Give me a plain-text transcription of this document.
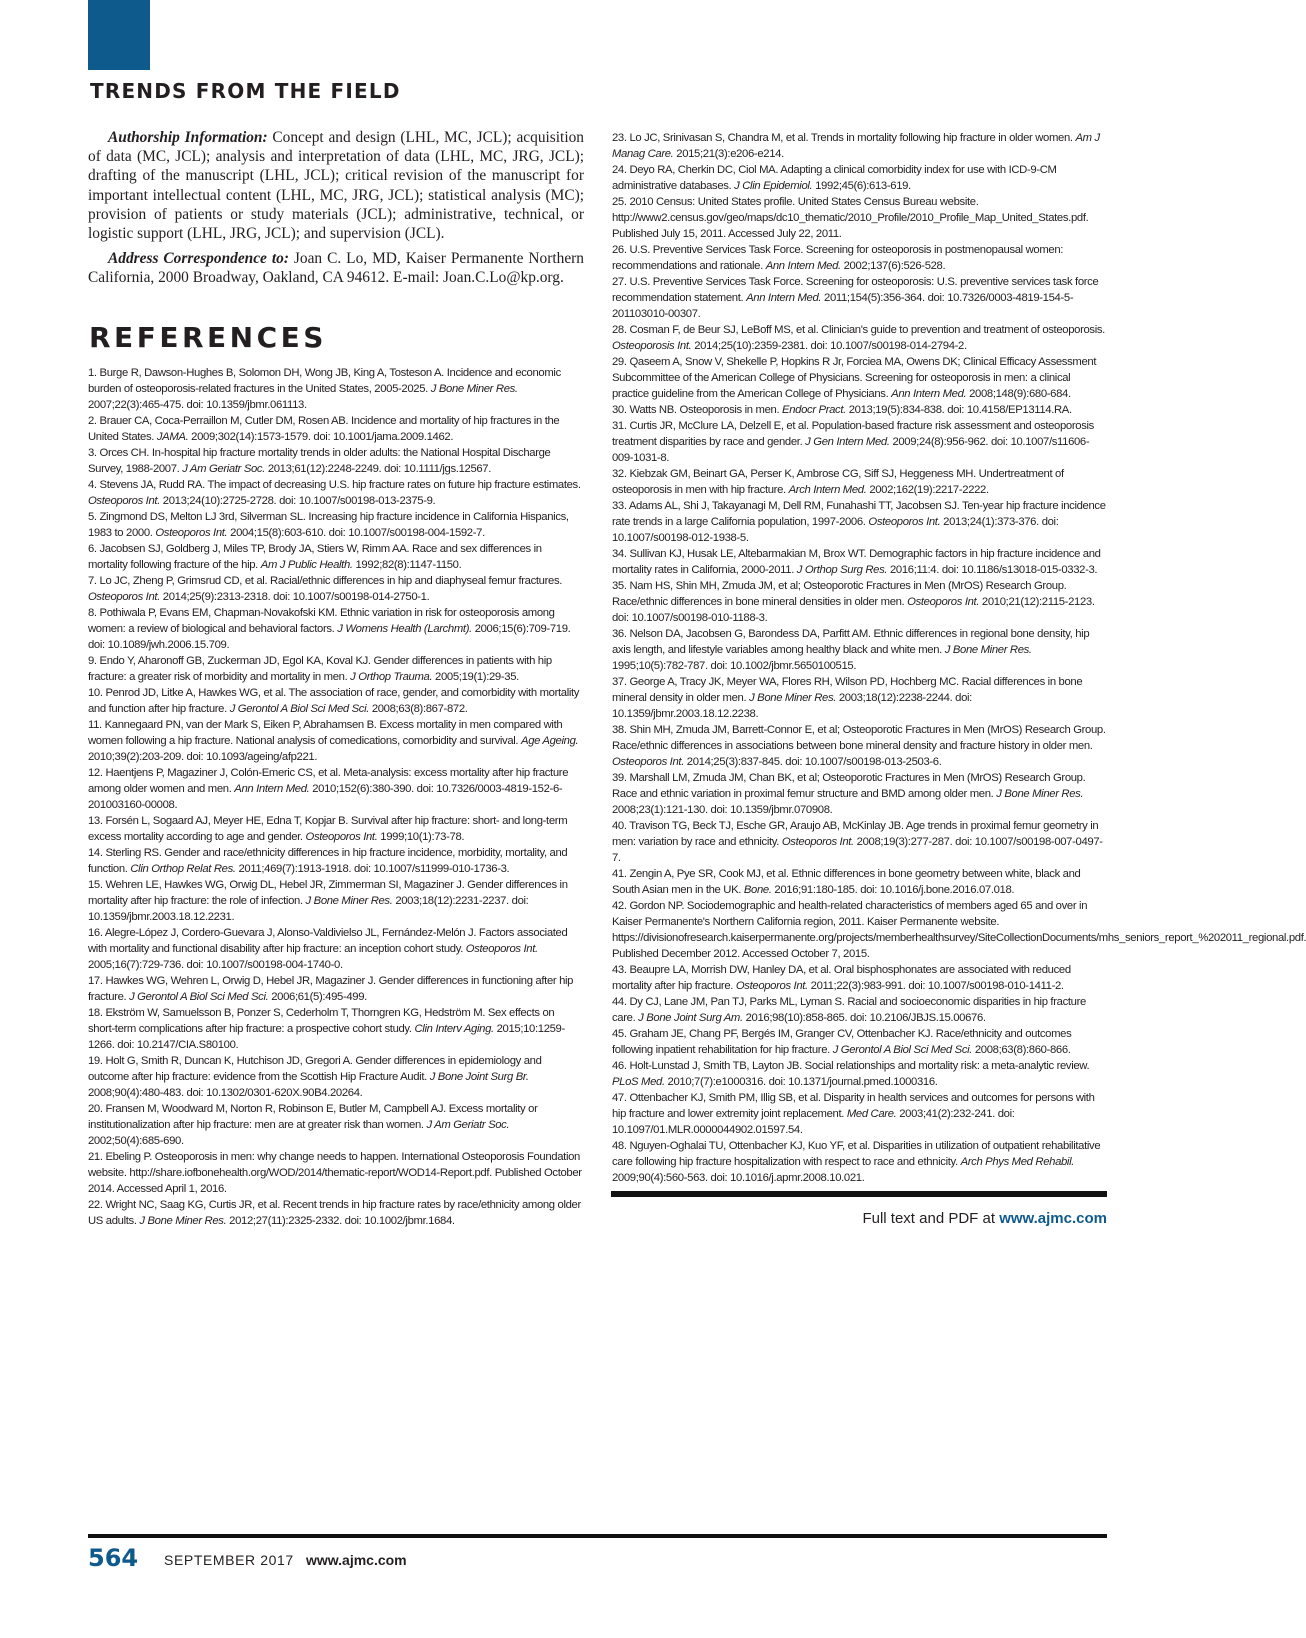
TRENDS FROM THE FIELD

Authorship Information: Concept and design (LHL, MC, JCL); acquisition of data (MC, JCL); analysis and interpretation of data (LHL, MC, JRG, JCL); drafting of the manuscript (LHL, JCL); critical revision of the manuscript for important intellectual content (LHL, MC, JRG, JCL); statistical analysis (MC); provision of patients or study materials (JCL); administrative, technical, or logistic support (LHL, JRG, JCL); and supervision (JCL).

Address Correspondence to: Joan C. Lo, MD, Kaiser Permanente Northern California, 2000 Broadway, Oakland, CA 94612. E-mail: Joan.C.Lo@kp.org.

REFERENCES

1. Burge R, Dawson-Hughes B, Solomon DH, Wong JB, King A, Tosteson A. Incidence and economic burden of osteoporosis-related fractures in the United States, 2005-2025. J Bone Miner Res. 2007;22(3):465-475. doi: 10.1359/jbmr.061113.

2. Brauer CA, Coca-Perraillon M, Cutler DM, Rosen AB. Incidence and mortality of hip fractures in the United States. JAMA. 2009;302(14):1573-1579. doi: 10.1001/jama.2009.1462.

3. Orces CH. In-hospital hip fracture mortality trends in older adults: the National Hospital Discharge Survey, 1988-2007. J Am Geriatr Soc. 2013;61(12):2248-2249. doi: 10.1111/jgs.12567.

4. Stevens JA, Rudd RA. The impact of decreasing U.S. hip fracture rates on future hip fracture estimates. Osteoporos Int. 2013;24(10):2725-2728. doi: 10.1007/s00198-013-2375-9.

5. Zingmond DS, Melton LJ 3rd, Silverman SL. Increasing hip fracture incidence in California Hispanics, 1983 to 2000. Osteoporos Int. 2004;15(8):603-610. doi: 10.1007/s00198-004-1592-7.

6. Jacobsen SJ, Goldberg J, Miles TP, Brody JA, Stiers W, Rimm AA. Race and sex differences in mortality following fracture of the hip. Am J Public Health. 1992;82(8):1147-1150.

7. Lo JC, Zheng P, Grimsrud CD, et al. Racial/ethnic differences in hip and diaphyseal femur fractures. Osteoporos Int. 2014;25(9):2313-2318. doi: 10.1007/s00198-014-2750-1.

8. Pothiwala P, Evans EM, Chapman-Novakofski KM. Ethnic variation in risk for osteoporosis among women: a review of biological and behavioral factors. J Womens Health (Larchmt). 2006;15(6):709-719. doi: 10.1089/jwh.2006.15.709.

9. Endo Y, Aharonoff GB, Zuckerman JD, Egol KA, Koval KJ. Gender differences in patients with hip fracture: a greater risk of morbidity and mortality in men. J Orthop Trauma. 2005;19(1):29-35.

10. Penrod JD, Litke A, Hawkes WG, et al. The association of race, gender, and comorbidity with mortality and function after hip fracture. J Gerontol A Biol Sci Med Sci. 2008;63(8):867-872.

11. Kannegaard PN, van der Mark S, Eiken P, Abrahamsen B. Excess mortality in men compared with women following a hip fracture. National analysis of comedications, comorbidity and survival. Age Ageing. 2010;39(2):203-209. doi: 10.1093/ageing/afp221.

12. Haentjens P, Magaziner J, Colón-Emeric CS, et al. Meta-analysis: excess mortality after hip fracture among older women and men. Ann Intern Med. 2010;152(6):380-390. doi: 10.7326/0003-4819-152-6-201003160-00008.

13. Forsén L, Sogaard AJ, Meyer HE, Edna T, Kopjar B. Survival after hip fracture: short- and long-term excess mortality according to age and gender. Osteoporos Int. 1999;10(1):73-78.

14. Sterling RS. Gender and race/ethnicity differences in hip fracture incidence, morbidity, mortality, and function. Clin Orthop Relat Res. 2011;469(7):1913-1918. doi: 10.1007/s11999-010-1736-3.

15. Wehren LE, Hawkes WG, Orwig DL, Hebel JR, Zimmerman SI, Magaziner J. Gender differences in mortality after hip fracture: the role of infection. J Bone Miner Res. 2003;18(12):2231-2237. doi: 10.1359/jbmr.2003.18.12.2231.

16. Alegre-López J, Cordero-Guevara J, Alonso-Valdivielso JL, Fernández-Melón J. Factors associated with mortality and functional disability after hip fracture: an inception cohort study. Osteoporos Int. 2005;16(7):729-736. doi: 10.1007/s00198-004-1740-0.

17. Hawkes WG, Wehren L, Orwig D, Hebel JR, Magaziner J. Gender differences in functioning after hip fracture. J Gerontol A Biol Sci Med Sci. 2006;61(5):495-499.

18. Ekström W, Samuelsson B, Ponzer S, Cederholm T, Thorngren KG, Hedström M. Sex effects on short-term complications after hip fracture: a prospective cohort study. Clin Interv Aging. 2015;10:1259-1266. doi: 10.2147/CIA.S80100.

19. Holt G, Smith R, Duncan K, Hutchison JD, Gregori A. Gender differences in epidemiology and outcome after hip fracture: evidence from the Scottish Hip Fracture Audit. J Bone Joint Surg Br. 2008;90(4):480-483. doi: 10.1302/0301-620X.90B4.20264.

20. Fransen M, Woodward M, Norton R, Robinson E, Butler M, Campbell AJ. Excess mortality or institutionalization after hip fracture: men are at greater risk than women. J Am Geriatr Soc. 2002;50(4):685-690.

21. Ebeling P. Osteoporosis in men: why change needs to happen. International Osteoporosis Foundation website. http://share.iofbonehealth.org/WOD/2014/thematic-report/WOD14-Report.pdf. Published October 2014. Accessed April 1, 2016.

22. Wright NC, Saag KG, Curtis JR, et al. Recent trends in hip fracture rates by race/ethnicity among older US adults. J Bone Miner Res. 2012;27(11):2325-2332. doi: 10.1002/jbmr.1684.

23. Lo JC, Srinivasan S, Chandra M, et al. Trends in mortality following hip fracture in older women. Am J Manag Care. 2015;21(3):e206-e214.

24. Deyo RA, Cherkin DC, Ciol MA. Adapting a clinical comorbidity index for use with ICD-9-CM administrative databases. J Clin Epidemiol. 1992;45(6):613-619.

25. 2010 Census: United States profile. United States Census Bureau website. http://www2.census.gov/geo/maps/dc10_thematic/2010_Profile/2010_Profile_Map_United_States.pdf. Published July 15, 2011. Accessed July 22, 2011.

26. U.S. Preventive Services Task Force. Screening for osteoporosis in postmenopausal women: recommendations and rationale. Ann Intern Med. 2002;137(6):526-528.

27. U.S. Preventive Services Task Force. Screening for osteoporosis: U.S. preventive services task force recommendation statement. Ann Intern Med. 2011;154(5):356-364. doi: 10.7326/0003-4819-154-5-201103010-00307.

28. Cosman F, de Beur SJ, LeBoff MS, et al. Clinician's guide to prevention and treatment of osteoporosis. Osteoporosis Int. 2014;25(10):2359-2381. doi: 10.1007/s00198-014-2794-2.

29. Qaseem A, Snow V, Shekelle P, Hopkins R Jr, Forciea MA, Owens DK; Clinical Efficacy Assessment Subcommittee of the American College of Physicians. Screening for osteoporosis in men: a clinical practice guideline from the American College of Physicians. Ann Intern Med. 2008;148(9):680-684.

30. Watts NB. Osteoporosis in men. Endocr Pract. 2013;19(5):834-838. doi: 10.4158/EP13114.RA.

31. Curtis JR, McClure LA, Delzell E, et al. Population-based fracture risk assessment and osteoporosis treatment disparities by race and gender. J Gen Intern Med. 2009;24(8):956-962. doi: 10.1007/s11606-009-1031-8.

32. Kiebzak GM, Beinart GA, Perser K, Ambrose CG, Siff SJ, Heggeness MH. Undertreatment of osteoporosis in men with hip fracture. Arch Intern Med. 2002;162(19):2217-2222.

33. Adams AL, Shi J, Takayanagi M, Dell RM, Funahashi TT, Jacobsen SJ. Ten-year hip fracture incidence rate trends in a large California population, 1997-2006. Osteoporos Int. 2013;24(1):373-376. doi: 10.1007/s00198-012-1938-5.

34. Sullivan KJ, Husak LE, Altebarmakian M, Brox WT. Demographic factors in hip fracture incidence and mortality rates in California, 2000-2011. J Orthop Surg Res. 2016;11:4. doi: 10.1186/s13018-015-0332-3.

35. Nam HS, Shin MH, Zmuda JM, et al; Osteoporotic Fractures in Men (MrOS) Research Group. Race/ethnic differences in bone mineral densities in older men. Osteoporos Int. 2010;21(12):2115-2123. doi: 10.1007/s00198-010-1188-3.

36. Nelson DA, Jacobsen G, Barondess DA, Parfitt AM. Ethnic differences in regional bone density, hip axis length, and lifestyle variables among healthy black and white men. J Bone Miner Res. 1995;10(5):782-787. doi: 10.1002/jbmr.5650100515.

37. George A, Tracy JK, Meyer WA, Flores RH, Wilson PD, Hochberg MC. Racial differences in bone mineral density in older men. J Bone Miner Res. 2003;18(12):2238-2244. doi: 10.1359/jbmr.2003.18.12.2238.

38. Shin MH, Zmuda JM, Barrett-Connor E, et al; Osteoporotic Fractures in Men (MrOS) Research Group. Race/ethnic differences in associations between bone mineral density and fracture history in older men. Osteoporos Int. 2014;25(3):837-845. doi: 10.1007/s00198-013-2503-6.

39. Marshall LM, Zmuda JM, Chan BK, et al; Osteoporotic Fractures in Men (MrOS) Research Group. Race and ethnic variation in proximal femur structure and BMD among older men. J Bone Miner Res. 2008;23(1):121-130. doi: 10.1359/jbmr.070908.

40. Travison TG, Beck TJ, Esche GR, Araujo AB, McKinlay JB. Age trends in proximal femur geometry in men: variation by race and ethnicity. Osteoporos Int. 2008;19(3):277-287. doi: 10.1007/s00198-007-0497-7.

41. Zengin A, Pye SR, Cook MJ, et al. Ethnic differences in bone geometry between white, black and South Asian men in the UK. Bone. 2016;91:180-185. doi: 10.1016/j.bone.2016.07.018.

42. Gordon NP. Sociodemographic and health-related characteristics of members aged 65 and over in Kaiser Permanente's Northern California region, 2011. Kaiser Permanente website. https://divisionofresearch.kaiserpermanente.org/projects/memberhealthsurvey/SiteCollectionDocuments/mhs_seniors_report_%202011_regional.pdf. Published December 2012. Accessed October 7, 2015.

43. Beaupre LA, Morrish DW, Hanley DA, et al. Oral bisphosphonates are associated with reduced mortality after hip fracture. Osteoporos Int. 2011;22(3):983-991. doi: 10.1007/s00198-010-1411-2.

44. Dy CJ, Lane JM, Pan TJ, Parks ML, Lyman S. Racial and socioeconomic disparities in hip fracture care. J Bone Joint Surg Am. 2016;98(10):858-865. doi: 10.2106/JBJS.15.00676.

45. Graham JE, Chang PF, Bergés IM, Granger CV, Ottenbacher KJ. Race/ethnicity and outcomes following inpatient rehabilitation for hip fracture. J Gerontol A Biol Sci Med Sci. 2008;63(8):860-866.

46. Holt-Lunstad J, Smith TB, Layton JB. Social relationships and mortality risk: a meta-analytic review. PLoS Med. 2010;7(7):e1000316. doi: 10.1371/journal.pmed.1000316.

47. Ottenbacher KJ, Smith PM, Illig SB, et al. Disparity in health services and outcomes for persons with hip fracture and lower extremity joint replacement. Med Care. 2003;41(2):232-241. doi: 10.1097/01.MLR.0000044902.01597.54.

48. Nguyen-Oghalai TU, Ottenbacher KJ, Kuo YF, et al. Disparities in utilization of outpatient rehabilitative care following hip fracture hospitalization with respect to race and ethnicity. Arch Phys Med Rehabil. 2009;90(4):560-563. doi: 10.1016/j.apmr.2008.10.021.

Full text and PDF at www.ajmc.com
564 SEPTEMBER 2017 www.ajmc.com
